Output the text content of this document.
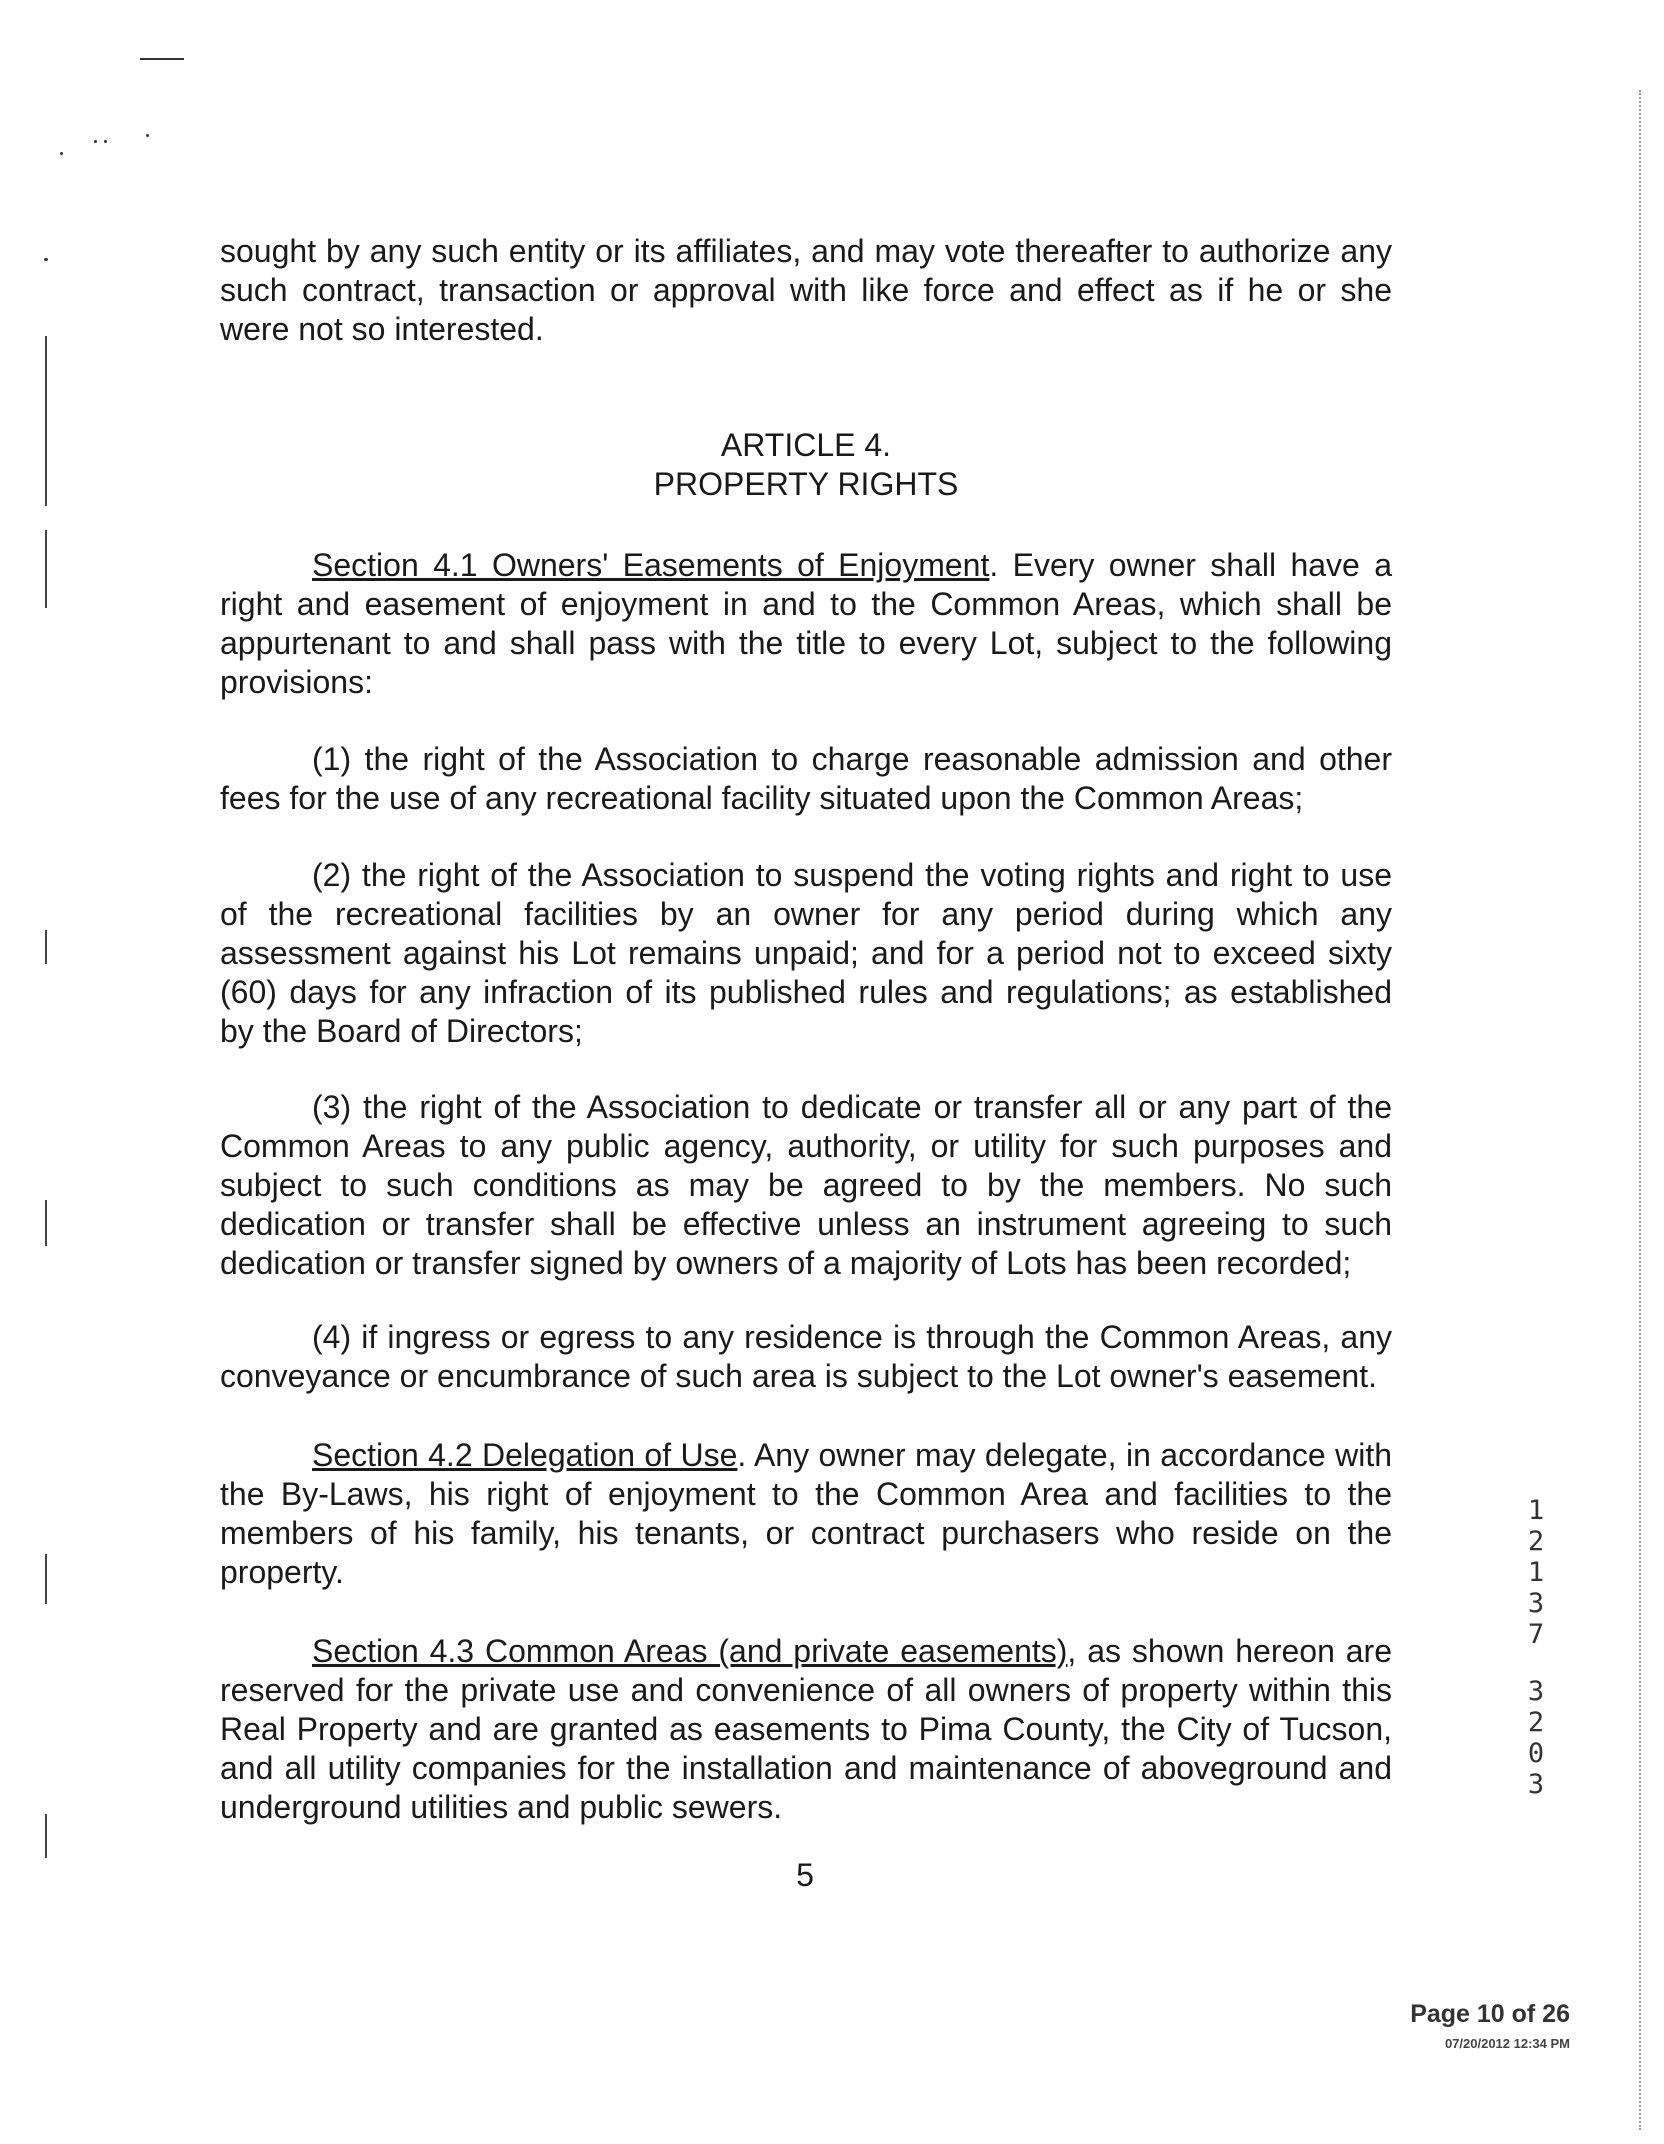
sought by any such entity or its affiliates, and may vote thereafter to authorize any such contract, transaction or approval with like force and effect as if he or she were not so interested.

ARTICLE 4.
PROPERTY RIGHTS

Section 4.1 Owners' Easements of Enjoyment. Every owner shall have a right and easement of enjoyment in and to the Common Areas, which shall be appurtenant to and shall pass with the title to every Lot, subject to the following provisions:

(1) the right of the Association to charge reasonable admission and other fees for the use of any recreational facility situated upon the Common Areas;

(2) the right of the Association to suspend the voting rights and right to use of the recreational facilities by an owner for any period during which any assessment against his Lot remains unpaid; and for a period not to exceed sixty (60) days for any infraction of its published rules and regulations; as established by the Board of Directors;

(3) the right of the Association to dedicate or transfer all or any part of the Common Areas to any public agency, authority, or utility for such purposes and subject to such conditions as may be agreed to by the members. No such dedication or transfer shall be effective unless an instrument agreeing to such dedication or transfer signed by owners of a majority of Lots has been recorded;

(4) if ingress or egress to any residence is through the Common Areas, any conveyance or encumbrance of such area is subject to the Lot owner's easement.

Section 4.2 Delegation of Use. Any owner may delegate, in accordance with the By-Laws, his right of enjoyment to the Common Area and facilities to the members of his family, his tenants, or contract purchasers who reside on the property.

Section 4.3 Common Areas (and private easements), as shown hereon are reserved for the private use and convenience of all owners of property within this Real Property and are granted as easements to Pima County, the City of Tucson, and all utility companies for the installation and maintenance of aboveground and underground utilities and public sewers.

5
1
2
1
3
7
3
2
0
3
Page 10 of 26
07/20/2012 12:34 PM
